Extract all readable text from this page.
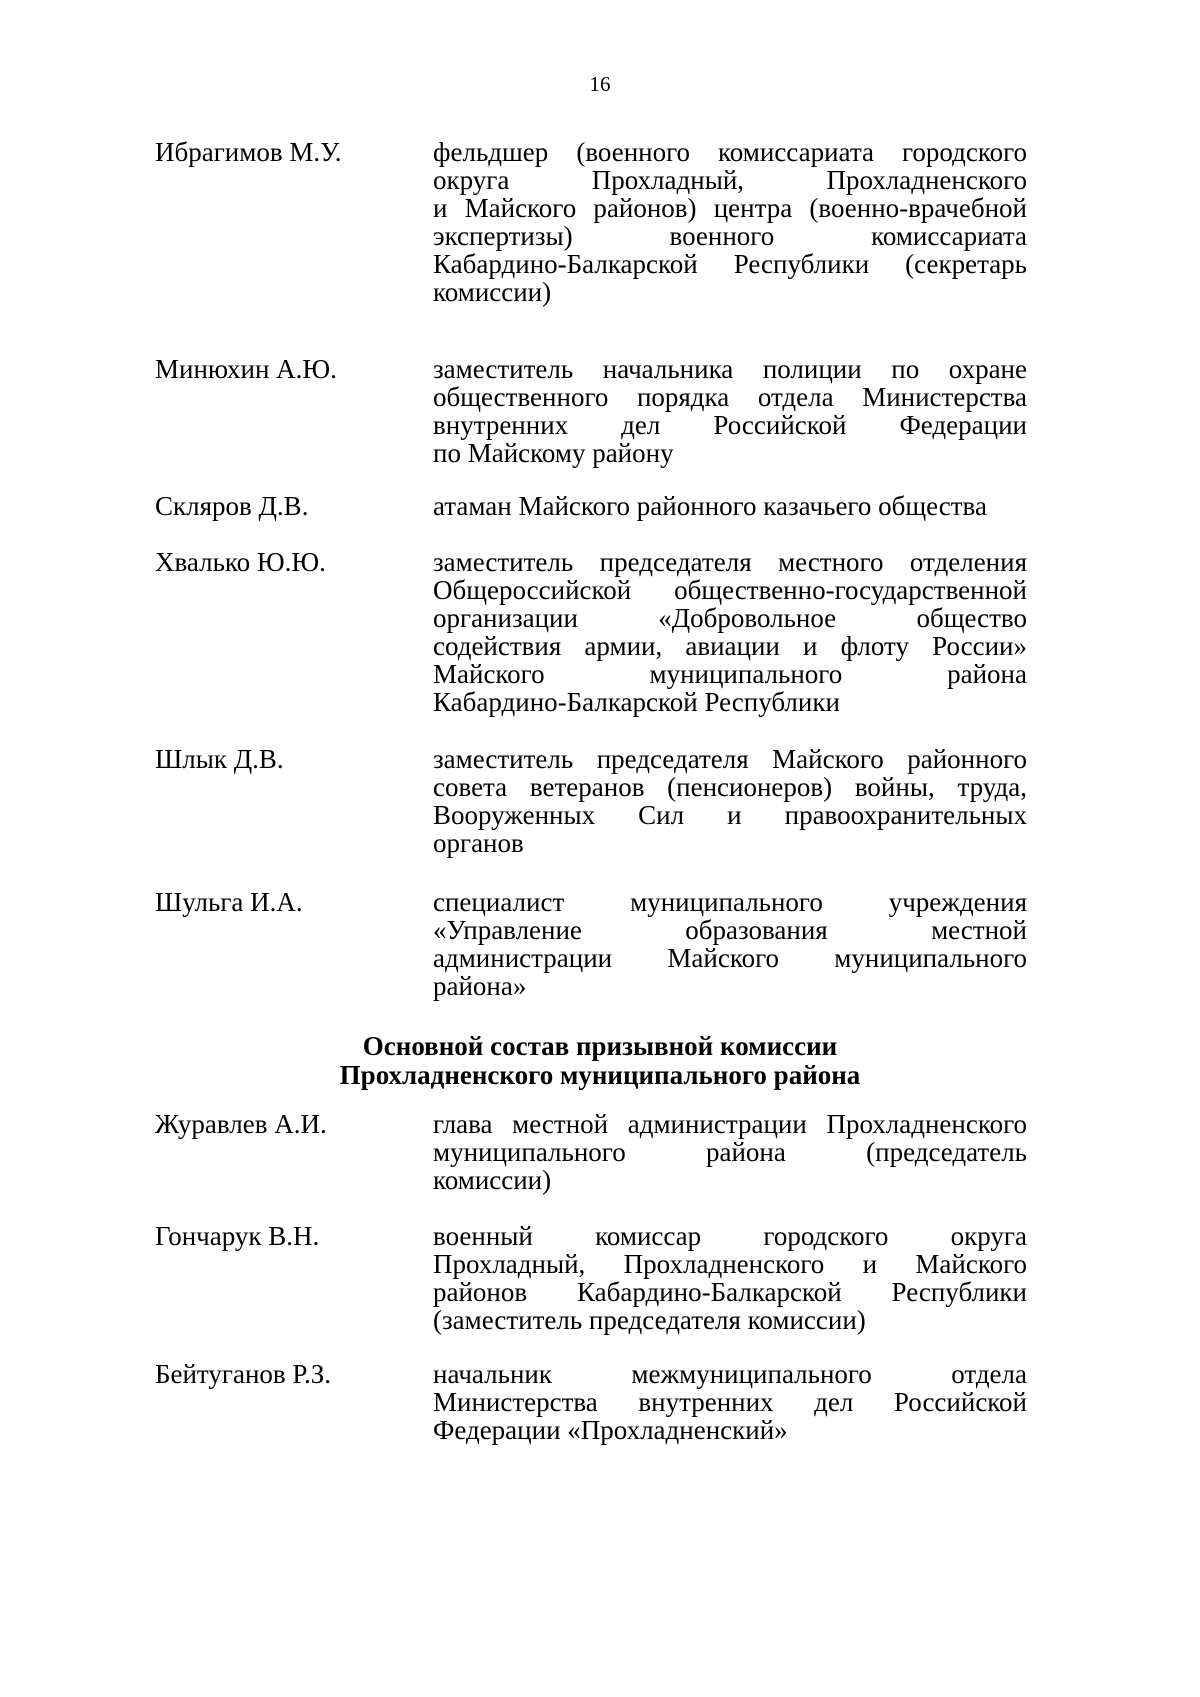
16
Ибрагимов М.У.	фельдшер (военного комиссариата городского
округа Прохладный, Прохладненского
и Майского районов) центра (военно-врачебной
экспертизы) военного комиссариата
Кабардино-Балкарской Республики (секретарь
комиссии)
Минюхин А.Ю.	заместитель начальника полиции по охране
общественного порядка отдела Министерства
внутренних дел Российской Федерации
по Майскому району
Скляров Д.В.	атаман Майского районного казачьего общества
Хвалько Ю.Ю.	заместитель председателя местного отделения
Общероссийской общественно-государственной
организации «Добровольное общество
содействия армии, авиации и флоту России»
Майского муниципального района
Кабардино-Балкарской Республики
Шлык Д.В.	заместитель председателя Майского районного
совета ветеранов (пенсионеров) войны, труда,
Вооруженных Сил и правоохранительных
органов
Шульга И.А.	специалист муниципального учреждения
«Управление образования местной
администрации Майского муниципального
района»
Основной состав призывной комиссии
Прохладненского муниципального района
Журавлев А.И.	глава местной администрации Прохладненского
муниципального района (председатель
комиссии)
Гончарук В.Н.	военный комиссар городского округа
Прохладный, Прохладненского и Майского
районов Кабардино-Балкарской Республики
(заместитель председателя комиссии)
Бейтуганов Р.З.	начальник межмуниципального отдела
Министерства внутренних дел Российской
Федерации «Прохладненский»
